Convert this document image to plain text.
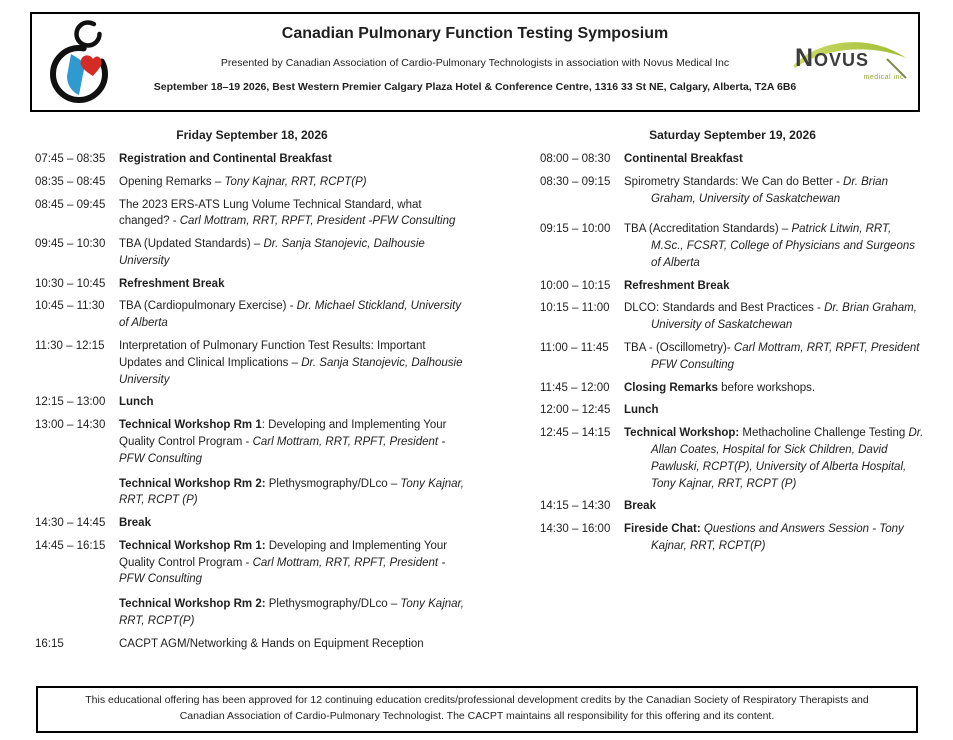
Canadian Pulmonary Function Testing Symposium
Presented by Canadian Association of Cardio-Pulmonary Technologists in association with Novus Medical Inc
September 18–19 2026, Best Western Premier Calgary Plaza Hotel & Conference Centre, 1316 33 St NE, Calgary, Alberta, T2A 6B6
Novus
medical inc
Friday September 18, 2026
07:45 – 08:35	Registration and Continental Breakfast

08:35 – 08:45	Opening Remarks – Tony Kajnar, RRT, RCPT(P)

08:45 – 09:45	The 2023 ERS-ATS Lung Volume Technical Standard, what changed? - Carl Mottram, RRT, RPFT, President -PFW Consulting

09:45 – 10:30	TBA (Updated Standards) – Dr. Sanja Stanojevic, Dalhousie University

10:30 – 10:45	Refreshment Break

10:45 – 11:30	TBA (Cardiopulmonary Exercise) - Dr. Michael Stickland, University of Alberta

11:30 – 12:15	Interpretation of Pulmonary Function Test Results: Important Updates and Clinical Implications – Dr. Sanja Stanojevic, Dalhousie University

12:15 – 13:00	Lunch

13:00 – 14:30	Technical Workshop Rm 1: Developing and Implementing Your Quality Control Program - Carl Mottram, RRT, RPFT, President - PFW Consulting

Technical Workshop Rm 2: Plethysmography/DLco – Tony Kajnar, RRT, RCPT (P)

14:30 – 14:45	Break

14:45 – 16:15	Technical Workshop Rm 1: Developing and Implementing Your Quality Control Program - Carl Mottram, RRT, RPFT, President - PFW Consulting

Technical Workshop Rm 2: Plethysmography/DLco – Tony Kajnar, RRT, RCPT(P)

16:15	CACPT AGM/Networking & Hands on Equipment Reception

Saturday September 19, 2026
08:00 – 08:30	Continental Breakfast

08:30 – 09:15	Spirometry Standards: We Can do Better - Dr. Brian Graham, University of Saskatchewan

09:15 – 10:00	TBA (Accreditation Standards) – Patrick Litwin, RRT, M.Sc., FCSRT, College of Physicians and Surgeons of Alberta

10:00 – 10:15	Refreshment Break

10:15 – 11:00	DLCO: Standards and Best Practices - Dr. Brian Graham, University of Saskatchewan

11:00 – 11:45	TBA - (Oscillometry)- Carl Mottram, RRT, RPFT, President PFW Consulting

11:45 – 12:00	Closing Remarks before workshops.

12:00 – 12:45	Lunch

12:45 – 14:15	Technical Workshop: Methacholine Challenge Testing Dr. Allan Coates, Hospital for Sick Children, David Pawluski, RCPT(P), University of Alberta Hospital, Tony Kajnar, RRT, RCPT (P)

14:15 – 14:30	Break

14:30 – 16:00	Fireside Chat: Questions and Answers Session - Tony Kajnar, RRT, RCPT(P)

This educational offering has been approved for 12 continuing education credits/professional development credits by the Canadian Society of Respiratory Therapists and Canadian Association of Cardio-Pulmonary Technologist. The CACPT maintains all responsibility for this offering and its content.
